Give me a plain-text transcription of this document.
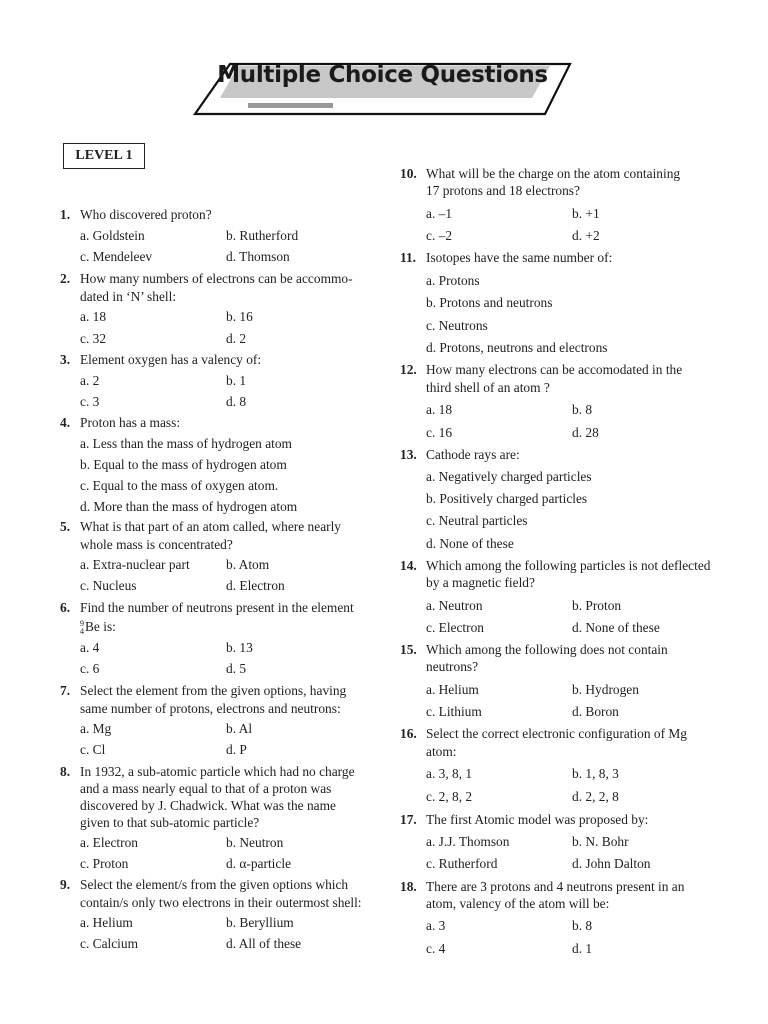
Multiple Choice Questions
LEVEL 1
1. Who discovered proton?
a. Goldstein	b. Rutherford
c. Mendeleev	d. Thomson
2. How many numbers of electrons can be accommo-
dated in ‘N’ shell:
a. 18	b. 16
c. 32	d. 2
3. Element oxygen has a valency of:
a. 2	b. 1
c. 3	d. 8
4. Proton has a mass:
a. Less than the mass of hydrogen atom
b. Equal to the mass of hydrogen atom
c. Equal to the mass of oxygen atom.
d. More than the mass of hydrogen atom
5. What is that part of an atom called, where nearly
whole mass is concentrated?
a. Extra-nuclear part	b. Atom
c. Nucleus	d. Electron
6. Find the number of neutrons present in the element
9
4Be is:
a. 4	b. 13
c. 6	d. 5
7. Select the element from the given options, having
same number of protons, electrons and neutrons:
a. Mg	b. Al
c. Cl	d. P
8. In 1932, a sub-atomic particle which had no charge
and a mass nearly equal to that of a proton was
discovered by J. Chadwick. What was the name
given to that sub-atomic particle?
a. Electron	b. Neutron
c. Proton	d. α-particle
9. Select the element/s from the given options which
contain/s only two electrons in their outermost shell:
a. Helium	b. Beryllium
c. Calcium	d. All of these
10. What will be the charge on the atom containing
17 protons and 18 electrons?
a. –1	b. +1
c. –2	d. +2
11. Isotopes have the same number of:
a. Protons
b. Protons and neutrons
c. Neutrons
d. Protons, neutrons and electrons
12. How many electrons can be accomodated in the
third shell of an atom ?
a. 18	b. 8
c. 16	d. 28
13. Cathode rays are:
a. Negatively charged particles
b. Positively charged particles
c. Neutral particles
d. None of these
14. Which among the following particles is not deflected
by a magnetic field?
a. Neutron	b. Proton
c. Electron	d. None of these
15. Which among the following does not contain
neutrons?
a. Helium	b. Hydrogen
c. Lithium	d. Boron
16. Select the correct electronic configuration of Mg
atom:
a. 3, 8, 1	b. 1, 8, 3
c. 2, 8, 2	d. 2, 2, 8
17. The first Atomic model was proposed by:
a. J.J. Thomson	b. N. Bohr
c. Rutherford	d. John Dalton
18. There are 3 protons and 4 neutrons present in an
atom, valency of the atom will be:
a. 3	b. 8
c. 4	d. 1
